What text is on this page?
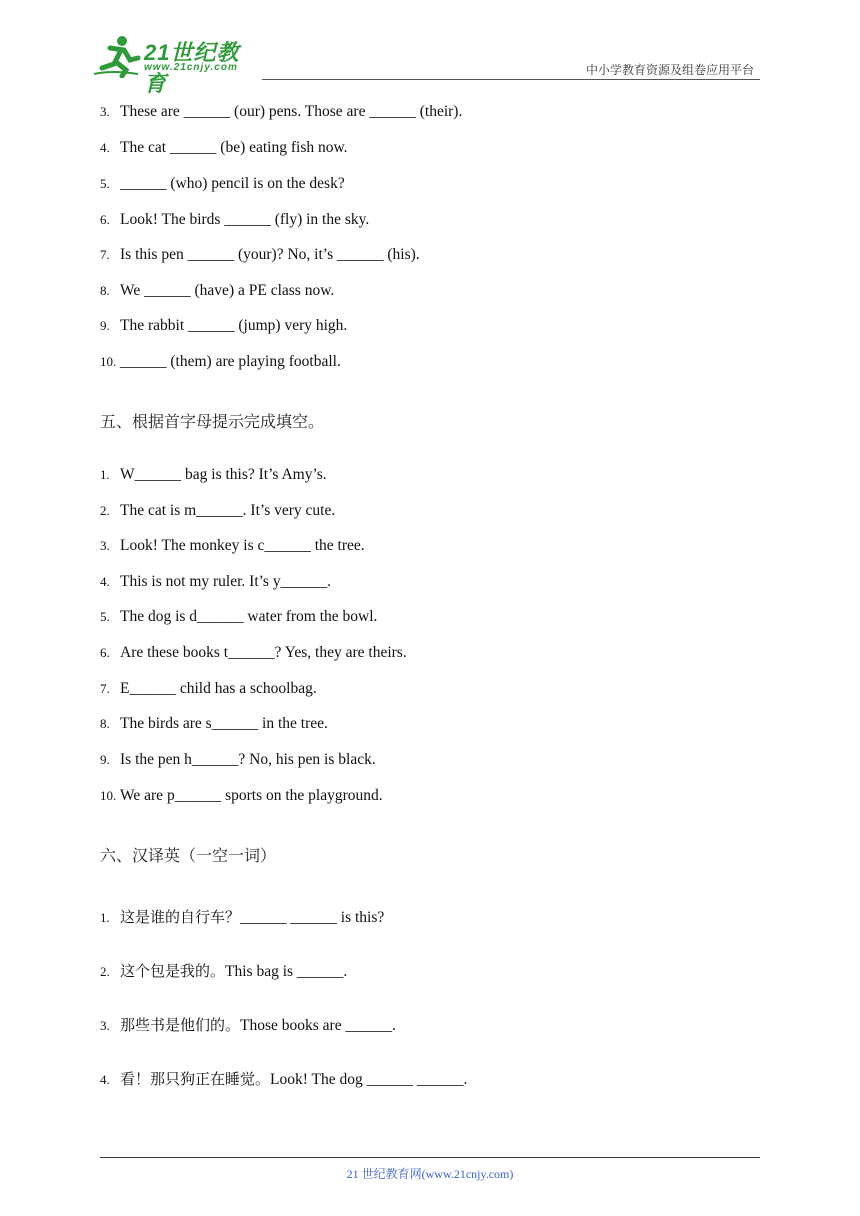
21世纪教育
www.21cnjy.com	中小学教育资源及组卷应用平台
3. These are ______ (our) pens. Those are ______ (their).
4. The cat ______ (be) eating fish now.
5. ______ (who) pencil is on the desk?
6. Look! The birds ______ (fly) in the sky.
7. Is this pen ______ (your)? No, it’s ______ (his).
8. We ______ (have) a PE class now.
9. The rabbit ______ (jump) very high.
10. ______ (them) are playing football.
五、根据首字母提示完成填空。
1. W______ bag is this? It’s Amy’s.
2. The cat is m______. It’s very cute.
3. Look! The monkey is c______ the tree.
4. This is not my ruler. It’s y______.
5. The dog is d______ water from the bowl.
6. Are these books t______? Yes, they are theirs.
7. E______ child has a schoolbag.
8. The birds are s______ in the tree.
9. Is the pen h______? No, his pen is black.
10. We are p______ sports on the playground.
六、汉译英（一空一词）
1. 这是谁的自行车？______ ______ is this?
2. 这个包是我的。This bag is ______.
3. 那些书是他们的。Those books are ______.
4. 看！那只狗正在睡觉。Look! The dog ______ ______.
21 世纪教育网(www.21cnjy.com)
